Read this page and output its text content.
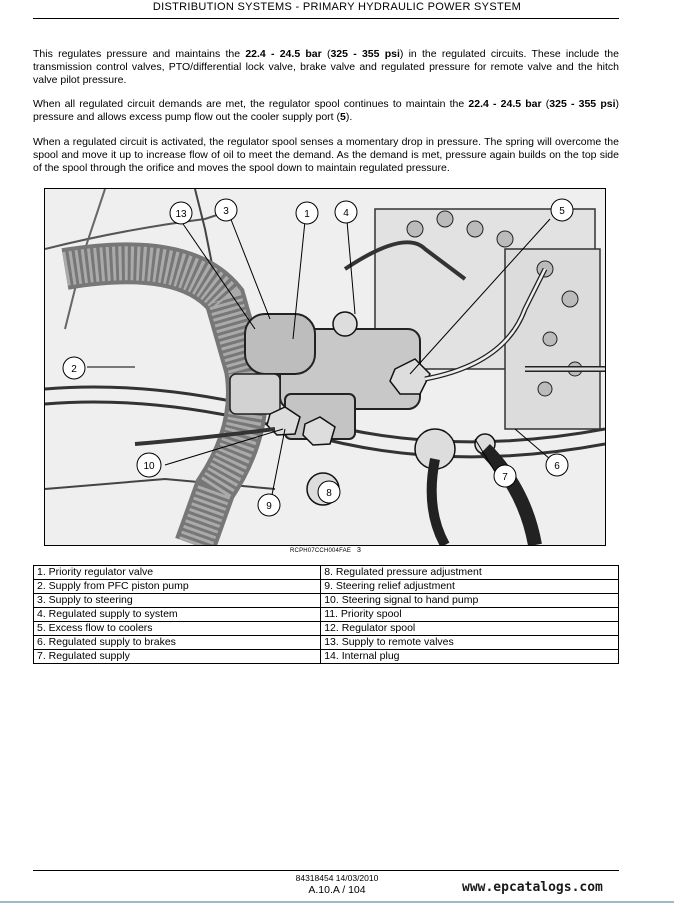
DISTRIBUTION SYSTEMS - PRIMARY HYDRAULIC POWER SYSTEM

This regulates pressure and maintains the 22.4 - 24.5 bar (325 - 355 psi) in the regulated circuits. These include the transmission control valves, PTO/differential lock valve, brake valve and regulated pressure for remote valve and the hitch valve pilot pressure.

When all regulated circuit demands are met, the regulator spool continues to maintain the 22.4 - 24.5 bar (325 - 355 psi) pressure and allows excess pump flow out the cooler supply port (5).

When a regulated circuit is activated, the regulator spool senses a momentary drop in pressure. The spring will overcome the spool and move it up to increase flow of oil to meet the demand. As the demand is met, pressure again builds on the top side of the spool through the orifice and moves the spool down to maintain regulated pressure.

13	3	1	4	5
2
6
7
8
9
10
RCPH07CCH004FAE 3
1. Priority regulator valve	8. Regulated pressure adjustment
2. Supply from PFC piston pump	9. Steering relief adjustment
3. Supply to steering	10. Steering signal to hand pump
4. Regulated supply to system	11. Priority spool
5. Excess flow to coolers	12. Regulator spool
6. Regulated supply to brakes	13. Supply to remote valves
7. Regulated supply	14. Internal plug
84318454 14/03/2010
A.10.A / 104	www.epcatalogs.com
